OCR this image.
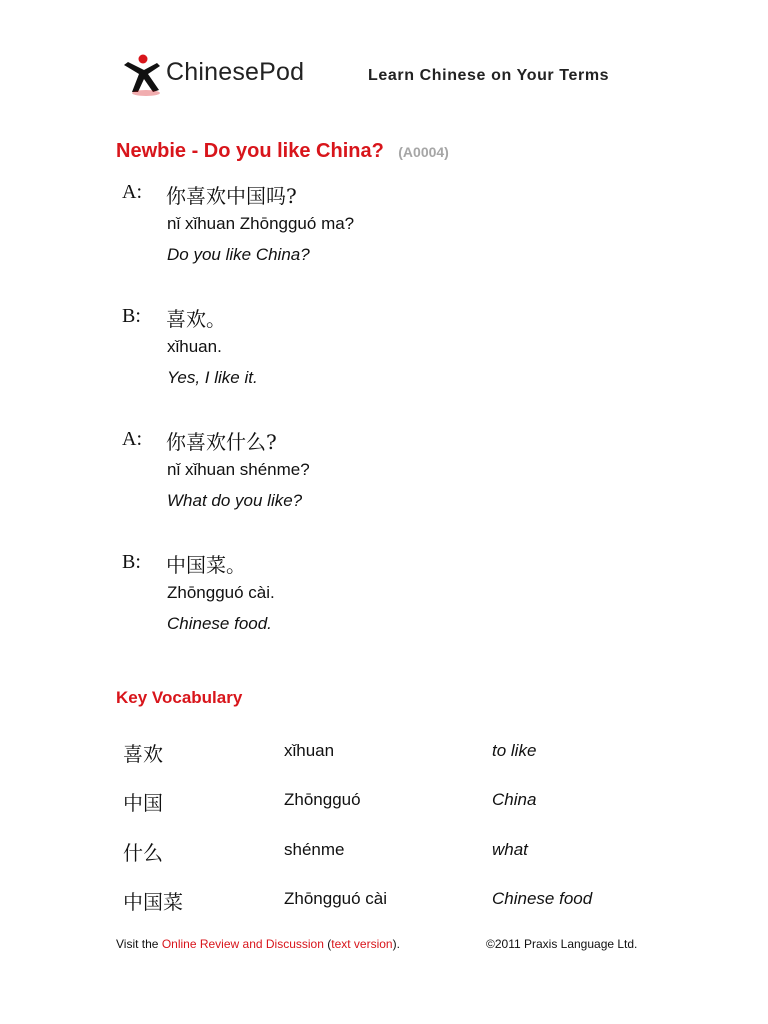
ChinesePod	Learn Chinese on Your Terms
Newbie - Do you like China? (A0004)
A: 你喜欢中国吗?
nǐ xǐhuan Zhōngguó ma?
Do you like China?
B: 喜欢。
xǐhuan.
Yes, I like it.
A: 你喜欢什么?
nǐ xǐhuan shénme?
What do you like?
B: 中国菜。
Zhōngguó cài.
Chinese food.
Key Vocabulary
喜欢	xǐhuan	to like
中国	Zhōngguó	China
什么	shénme	what
中国菜	Zhōngguó cài	Chinese food
Visit the Online Review and Discussion (text version).	©2011 Praxis Language Ltd.
